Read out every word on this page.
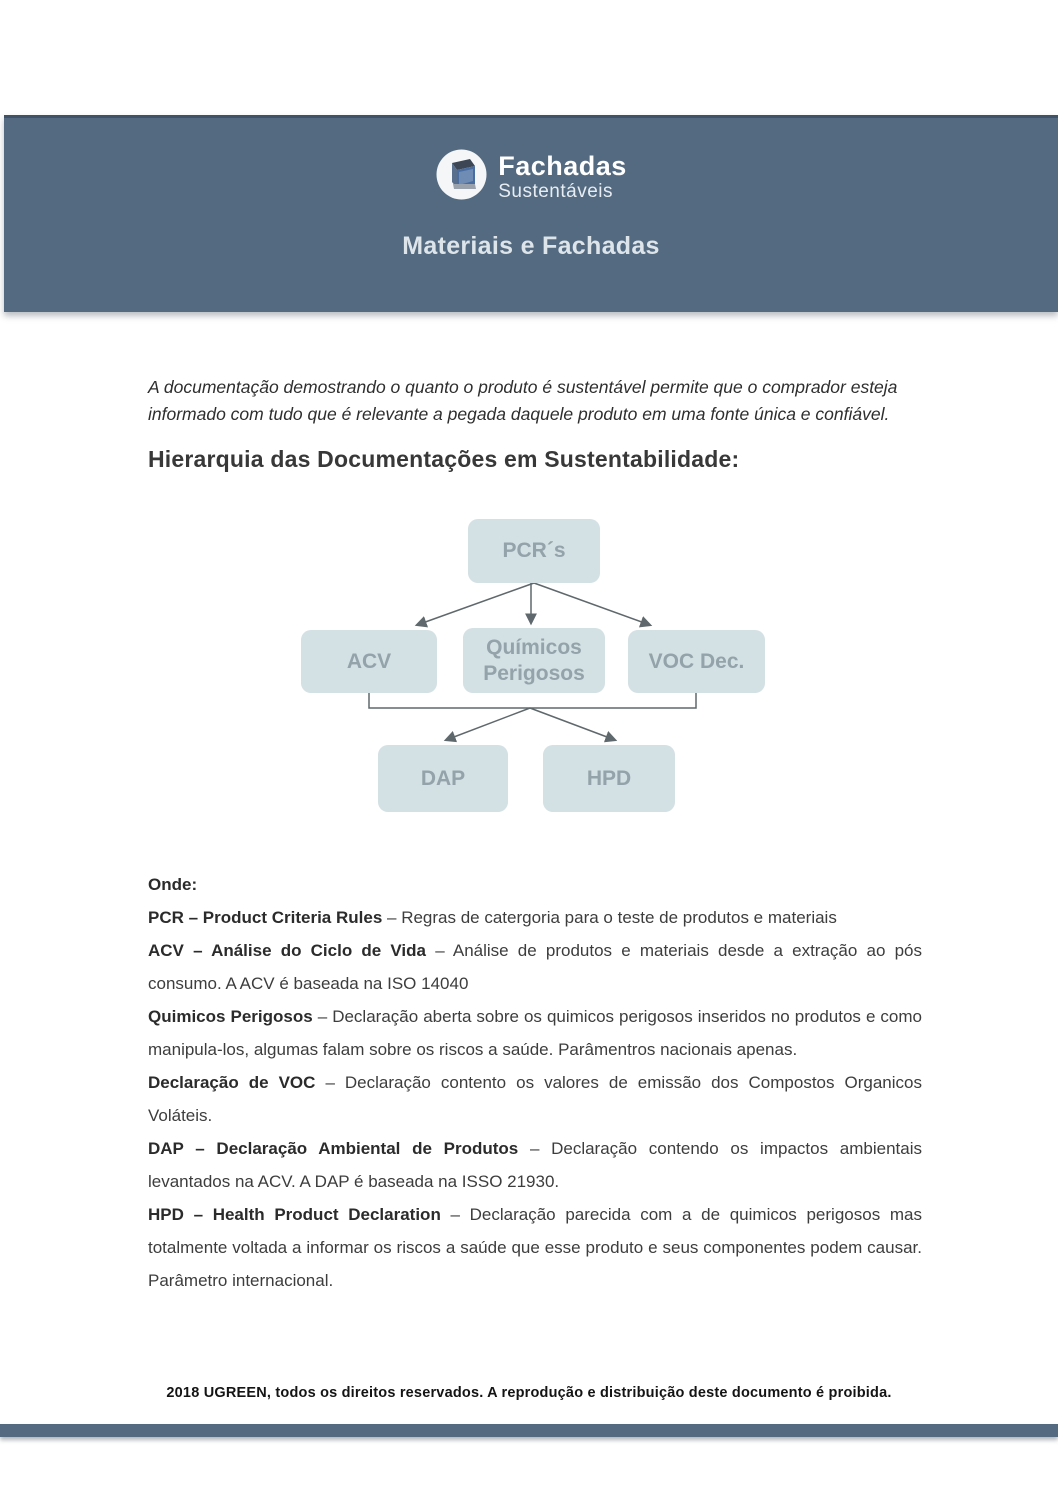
Fachadas
Sustentáveis
Materiais e Fachadas

A documentação demostrando o quanto o produto é sustentável permite que o comprador esteja informado com tudo que é relevante a pegada daquele produto em uma fonte única e confiável.

Hierarquia das Documentações em Sustentabilidade:
PCR´s
ACV
Químicos Perigosos
VOC Dec.
DAP	HPD

Onde:

PCR – Product Criteria Rules – Regras de catergoria para o teste de produtos e materiais

ACV – Análise do Ciclo de Vida – Análise de produtos e materiais desde a extração ao pós consumo. A ACV é baseada na ISO 14040

Quimicos Perigosos – Declaração aberta sobre os quimicos perigosos inseridos no produtos e como manipula-los, algumas falam sobre os riscos a saúde. Parâmentros nacionais apenas.

Declaração de VOC – Declaração contento os valores de emissão dos Compostos Organicos Voláteis.

DAP – Declaração Ambiental de Produtos – Declaração contendo os impactos ambientais levantados na ACV. A DAP é baseada na ISSO 21930.

HPD – Health Product Declaration – Declaração parecida com a de quimicos perigosos mas totalmente voltada a informar os riscos a saúde que esse produto e seus componentes podem causar. Parâmetro internacional.

2018 UGREEN, todos os direitos reservados. A reprodução e distribuição deste documento é proibida.
